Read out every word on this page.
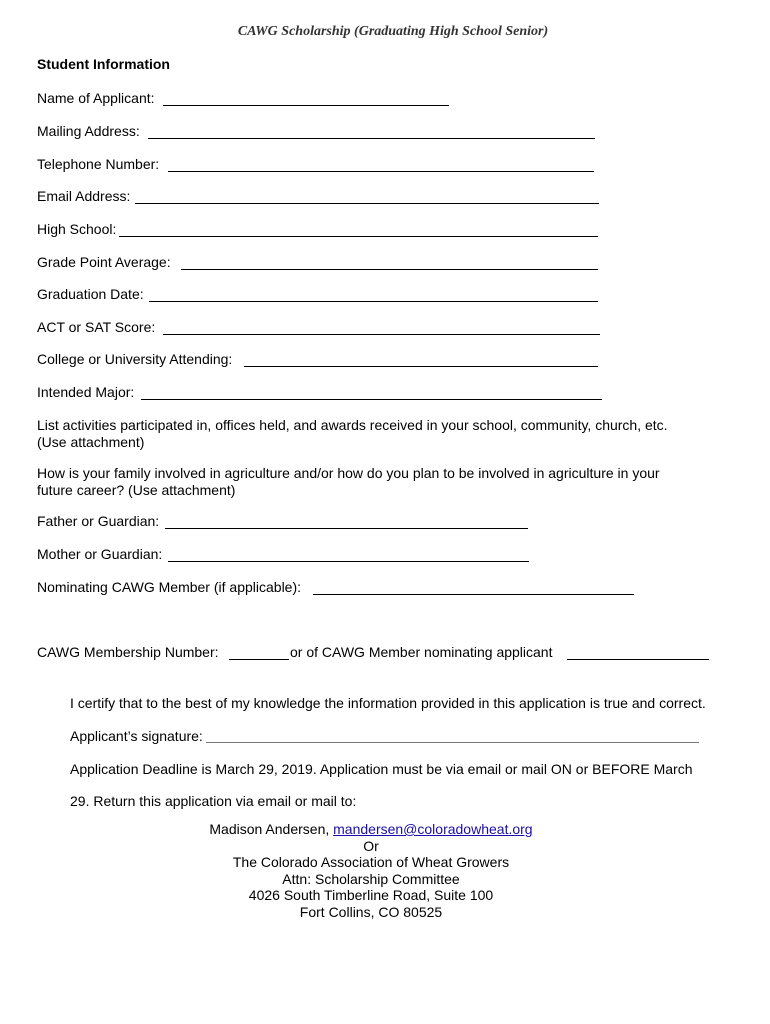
CAWG Scholarship (Graduating High School Senior)
Student Information
Name of Applicant:
Mailing Address:
Telephone Number:
Email Address:
High School:
Grade Point Average:
Graduation Date:
ACT or SAT Score:
College or University Attending:
Intended Major:
List activities participated in, offices held, and awards received in your school, community, church, etc. (Use attachment)
How is your family involved in agriculture and/or how do you plan to be involved in agriculture in your future career? (Use attachment)
Father or Guardian:
Mother or Guardian:
Nominating CAWG Member (if applicable):
CAWG Membership Number:	or of CAWG Member nominating applicant
I certify that to the best of my knowledge the information provided in this application is true and correct.
Applicant’s signature:
Application Deadline is March 29, 2019. Application must be via email or mail ON or BEFORE March
29. Return this application via email or mail to:
Madison Andersen, mandersen@coloradowheat.org
Or
The Colorado Association of Wheat Growers
Attn: Scholarship Committee
4026 South Timberline Road, Suite 100
Fort Collins, CO 80525
